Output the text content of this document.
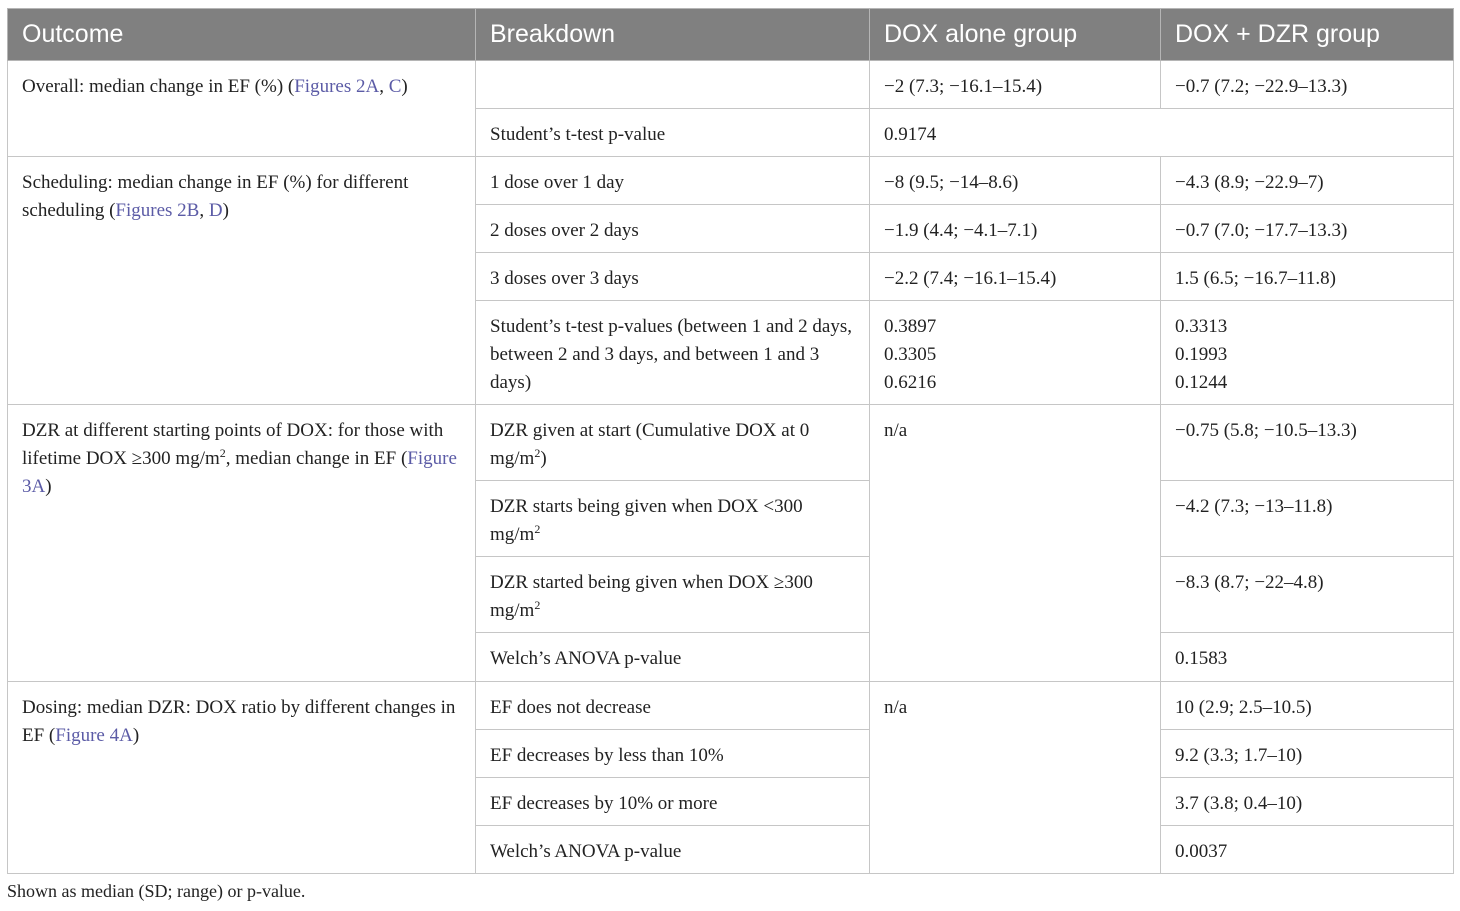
Outcome	Breakdown	DOX alone group	DOX + DZR group
Overall: median change in EF (%) (Figures 2A, C)		−2 (7.3; −16.1–15.4)	−0.7 (7.2; −22.9–13.3)
	Student’s t-test p-value	0.9174	
Scheduling: median change in EF (%) for different scheduling (Figures 2B, D)	1 dose over 1 day	−8 (9.5; −14–8.6)	−4.3 (8.9; −22.9–7)
	2 doses over 2 days	−1.9 (4.4; −4.1–7.1)	−0.7 (7.0; −17.7–13.3)
	3 doses over 3 days	−2.2 (7.4; −16.1–15.4)	1.5 (6.5; −16.7–11.8)
	Student’s t-test p-values (between 1 and 2 days, between 2 and 3 days, and between 1 and 3 days)	0.3897
0.3305
0.6216	0.3313
0.1993
0.1244

DZR at different starting points of DOX: for those with lifetime DOX ≥300 $mg/m^2$, median change in EF (Figure 3A)	DZR given at start (Cumulative DOX at 0 $mg/m^2$)	n/a	−0.75 (5.8; −10.5–13.3)
	DZR starts being given when DOX <300 $mg/m^2$		−4.2 (7.3; −13–11.8)
	DZR started being given when DOX ≥300 $mg/m^2$		−8.3 (8.7; −22–4.8)
	Welch’s ANOVA p-value		0.1583
Dosing: median DZR: DOX ratio by different changes in EF (Figure 4A)	EF does not decrease	n/a	10 (2.9; 2.5–10.5)
	EF decreases by less than 10%		9.2 (3.3; 1.7–10)
	EF decreases by 10% or more		3.7 (3.8; 0.4–10)
	Welch’s ANOVA p-value		0.0037
Shown as median (SD; range) or p-value.
